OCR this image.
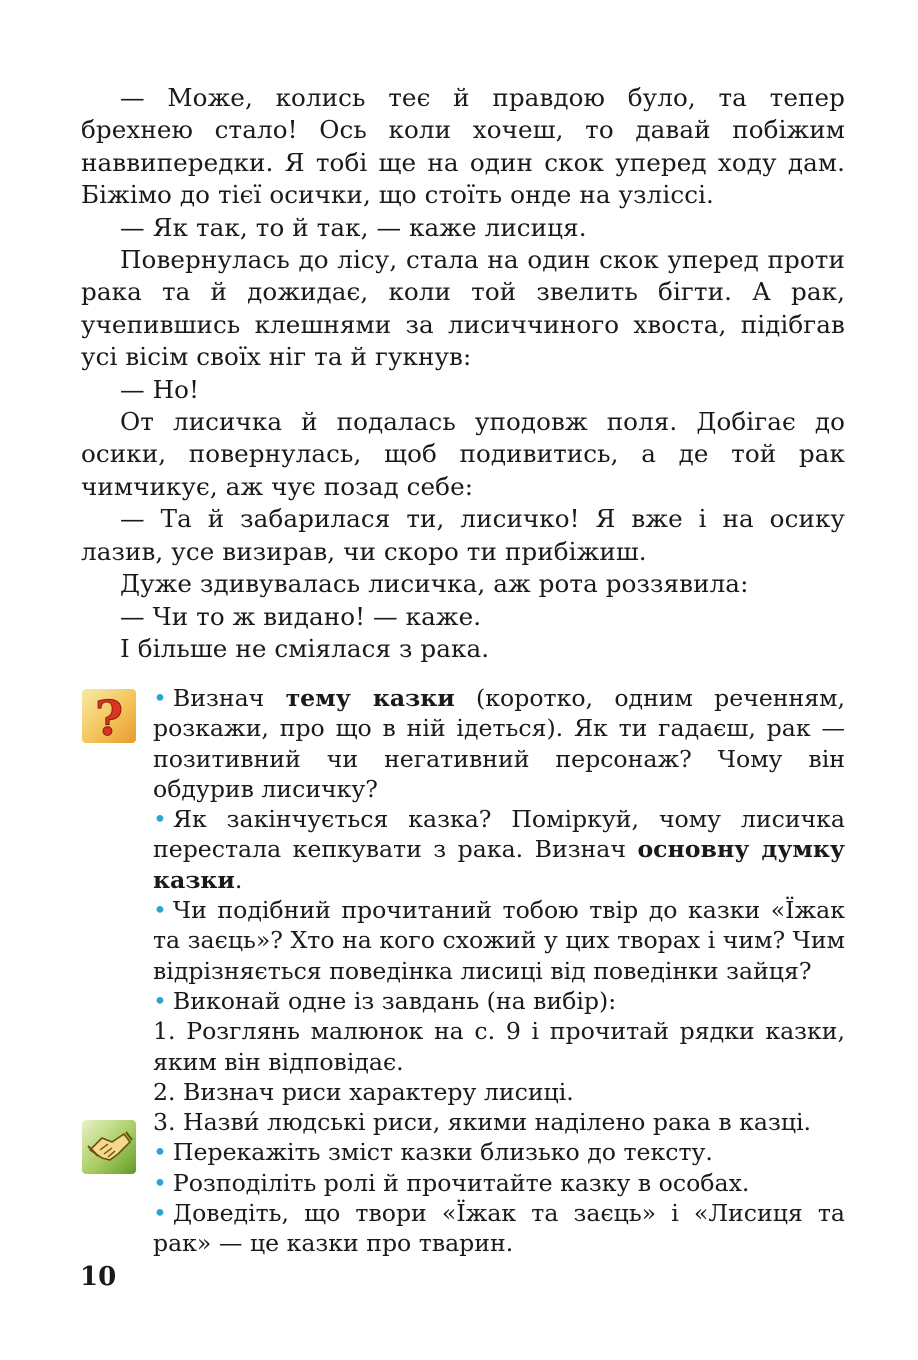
— Може, колись теє й правдою було, та тепер брехнею стало! Ось коли хочеш, то давай побіжим наввипередки. Я тобі ще на один скок уперед ходу дам. Біжімо до тієї осички, що стоїть онде на узліссі.

— Як так, то й так, — каже лисиця.

Повернулась до лісу, стала на один скок уперед проти рака та й дожидає, коли той звелить бігти. А рак, учепившись клешнями за лисиччиного хвоста, підібгав усі вісім своїх ніг та й гукнув:

— Но!

От лисичка й подалась уподовж поля. Добігає до осики, повернулась, щоб подивитись, а де той рак чимчикує, аж чує позад себе:

— Та й забарилася ти, лисичко! Я вже і на осику лазив, усе визирав, чи скоро ти прибіжиш.

Дуже здивувалась лисичка, аж рота роззявила:

— Чи то ж видано! — каже.

І більше не сміялася з рака.

? • Визнач тему казки (коротко, одним реченням, розкажи, про що в ній ідеться). Як ти гадаєш, рак — позитивний чи негативний персонаж? Чому він обдурив лисичку?

• Як закінчується казка? Поміркуй, чому лисичка перестала кепкувати з рака. Визнач основну думку казки.

• Чи подібний прочитаний тобою твір до казки «Їжак та заєць»? Хто на кого схожий у цих творах і чим? Чим відрізняється поведінка лисиці від поведінки зайця?

• Виконай одне із завдань (на вибір):

1. Розглянь малюнок на с. 9 і прочитай рядки казки, яким він відповідає.

2. Визнач риси характеру лисиці.

3. Назви́ людські риси, якими наділено рака в казці.

• Перекажіть зміст казки близько до тексту.

• Розподіліть ролі й прочитайте казку в особах.

• Доведіть, що твори «Їжак та заєць» і «Лисиця та рак» — це казки про тварин.

10
